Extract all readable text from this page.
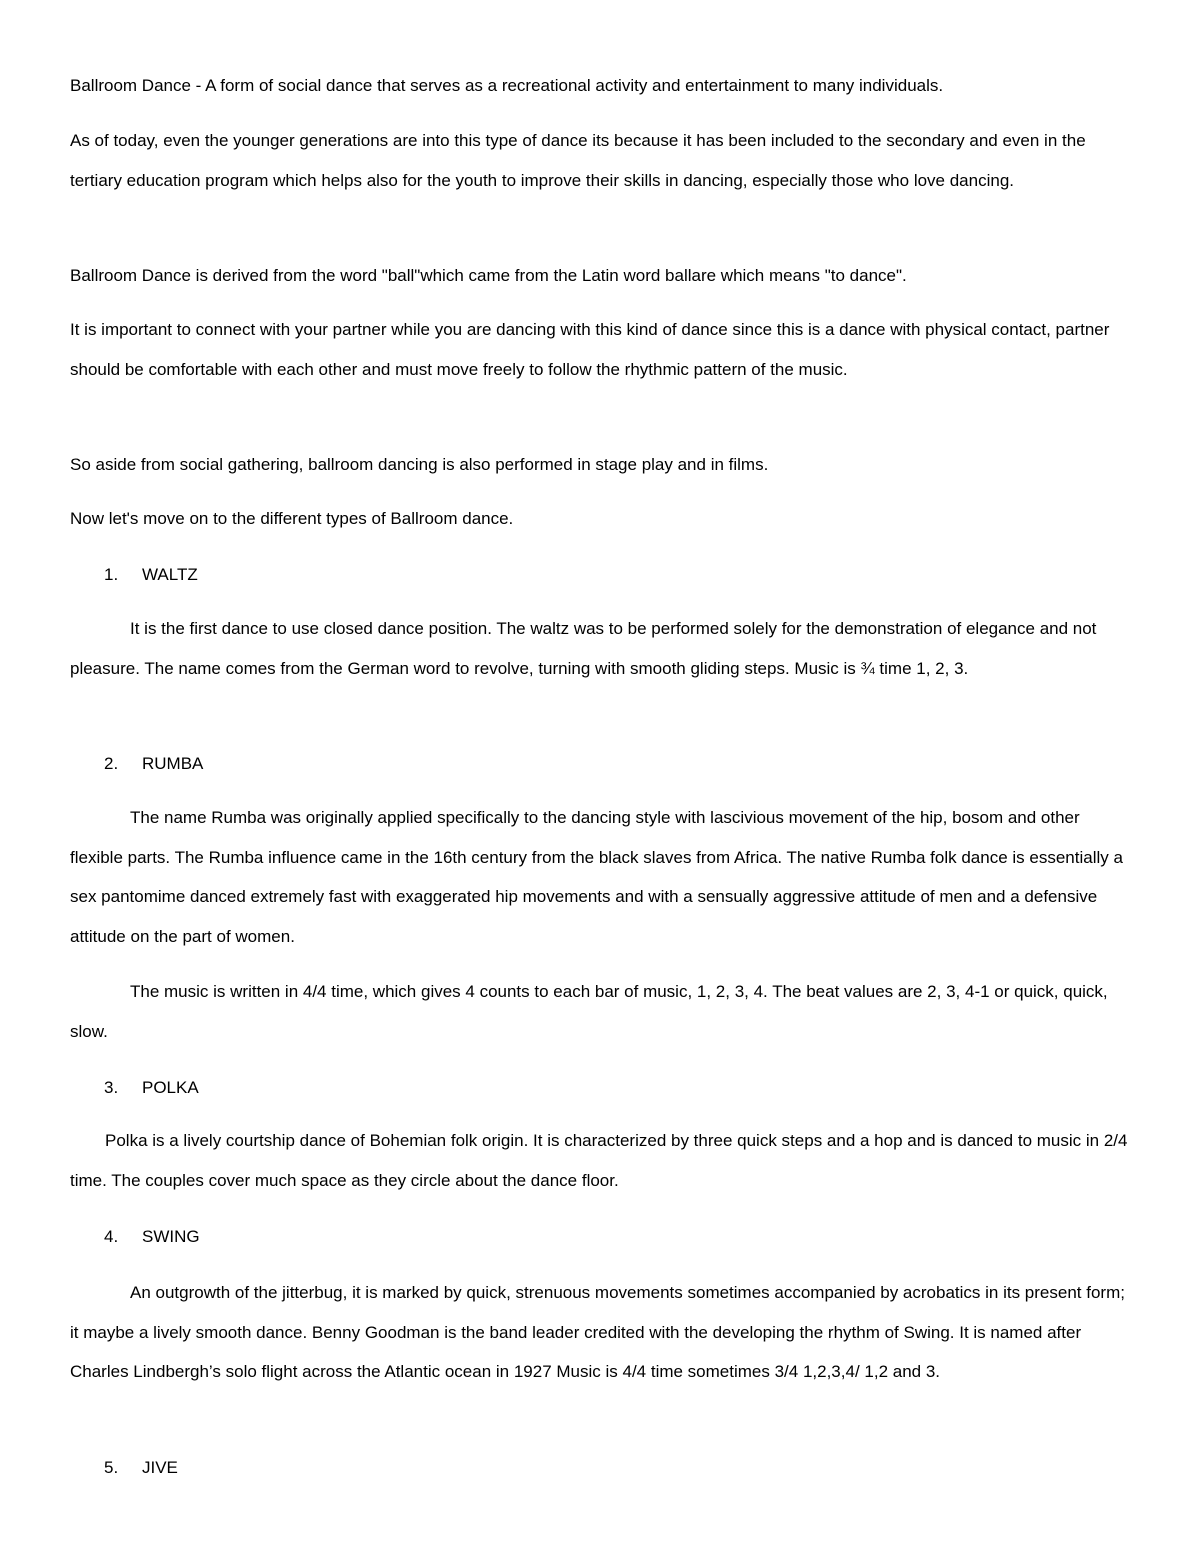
Ballroom Dance - A form of social dance that serves as a recreational activity and entertainment to many individuals.

As of today, even the younger generations are into this type of dance its because it has been included to the secondary and even in the tertiary education program which helps also for the youth to improve their skills in dancing, especially those who love dancing.

Ballroom Dance is derived from the word "ball"which came from the Latin word ballare which means "to dance".

It is important to connect with your partner while you are dancing with this kind of dance since this is a dance with physical contact, partner should be comfortable with each other and must move freely to follow the rhythmic pattern of the music.

So aside from social gathering, ballroom dancing is also performed in stage play and in films.

Now let's move on to the different types of Ballroom dance.

1. WALTZ

It is the first dance to use closed dance position. The waltz was to be performed solely for the demonstration of elegance and not pleasure. The name comes from the German word to revolve, turning with smooth gliding steps. Music is ¾ time 1, 2, 3.

2. RUMBA

The name Rumba was originally applied specifically to the dancing style with lascivious movement of the hip, bosom and other flexible parts. The Rumba influence came in the 16th century from the black slaves from Africa. The native Rumba folk dance is essentially a sex pantomime danced extremely fast with exaggerated hip movements and with a sensually aggressive attitude of men and a defensive attitude on the part of women.

The music is written in 4/4 time, which gives 4 counts to each bar of music, 1, 2, 3, 4. The beat values are 2, 3, 4-1 or quick, quick, slow.

3. POLKA

Polka is a lively courtship dance of Bohemian folk origin. It is characterized by three quick steps and a hop and is danced to music in 2/4 time. The couples cover much space as they circle about the dance floor.

4. SWING

An outgrowth of the jitterbug, it is marked by quick, strenuous movements sometimes accompanied by acrobatics in its present form; it maybe a lively smooth dance. Benny Goodman is the band leader credited with the developing the rhythm of Swing. It is named after Charles Lindbergh’s solo flight across the Atlantic ocean in 1927 Music is 4/4 time sometimes 3/4 1,2,3,4/ 1,2 and 3.

5. JIVE
